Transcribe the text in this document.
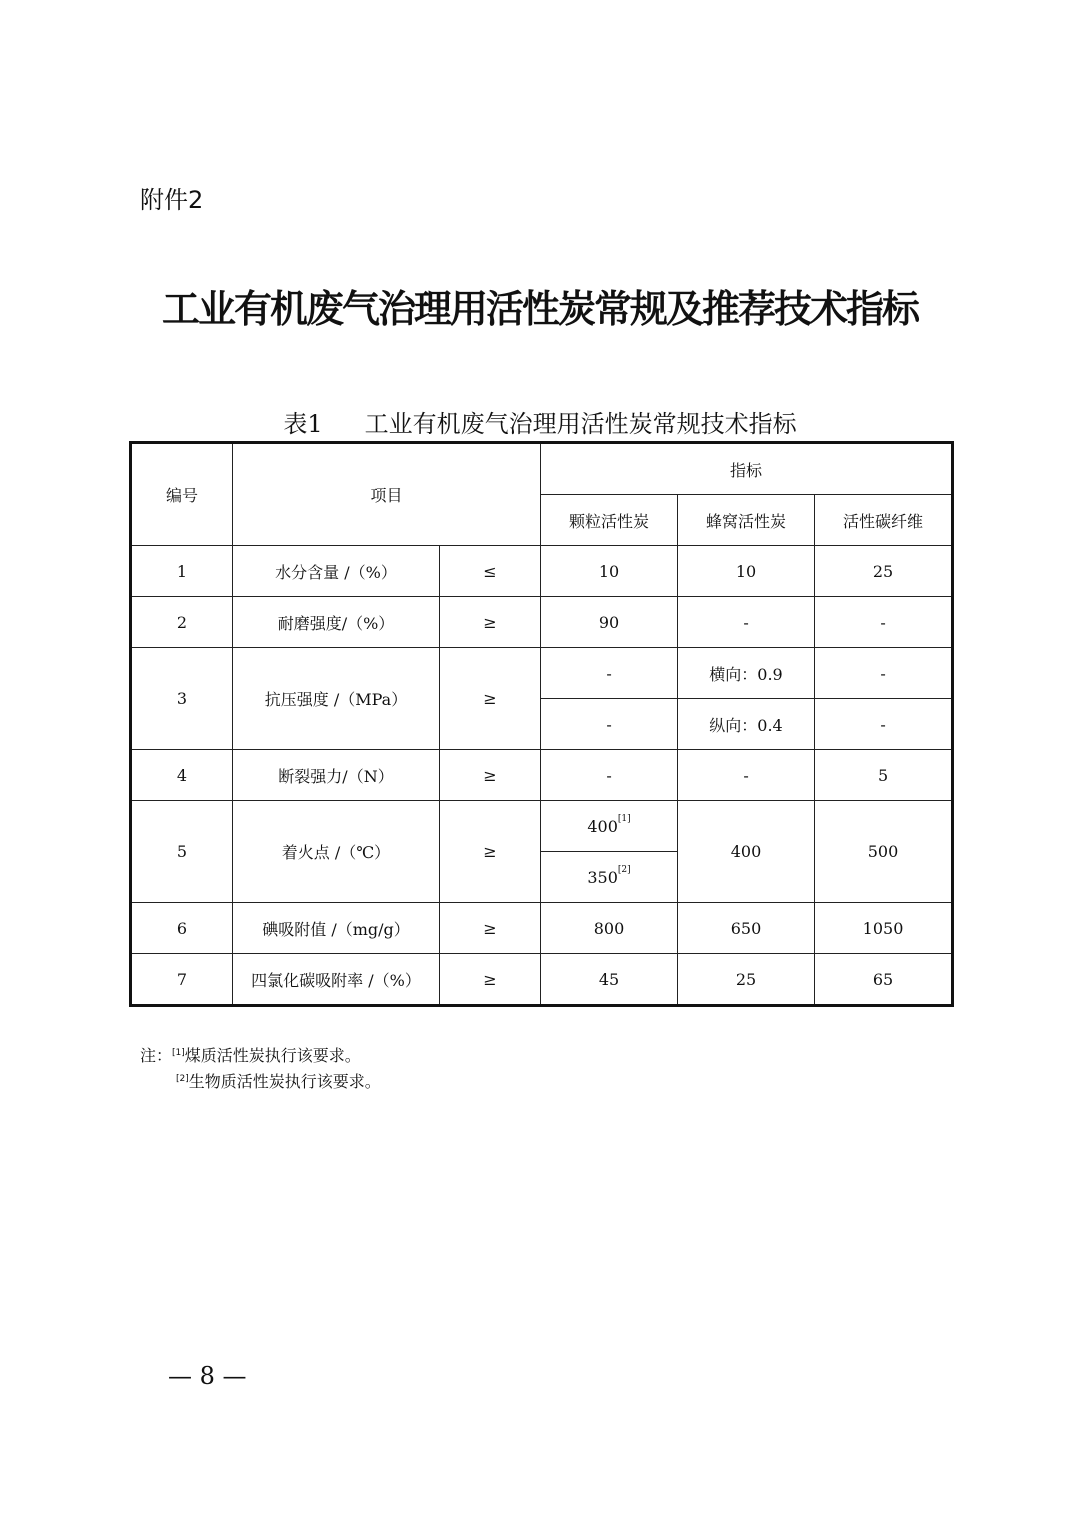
附件2
工业有机废气治理用活性炭常规及推荐技术指标
表1 工业有机废气治理用活性炭常规技术指标
编号	项目		指标		
			颗粒活性炭	蜂窝活性炭	活性碳纤维
1	水分含量 /（%）	≤	10	10	25
2	耐磨强度/（%）	≥	90	-	-
3	抗压强度 /（MPa）	≥	-	横向：0.9	-
			-	纵向：0.4	-
4	断裂强力/（N）	≥	-	-	5
5	着火点 /（℃）	≥	400[1]	400	500
			350[2]
6	碘吸附值 /（mg/g）	≥	800	650	1050
7	四氯化碳吸附率 /（%）	≥	45	25	65
注：[1]煤质活性炭执行该要求。
[2]生物质活性炭执行该要求。
— 8 —
